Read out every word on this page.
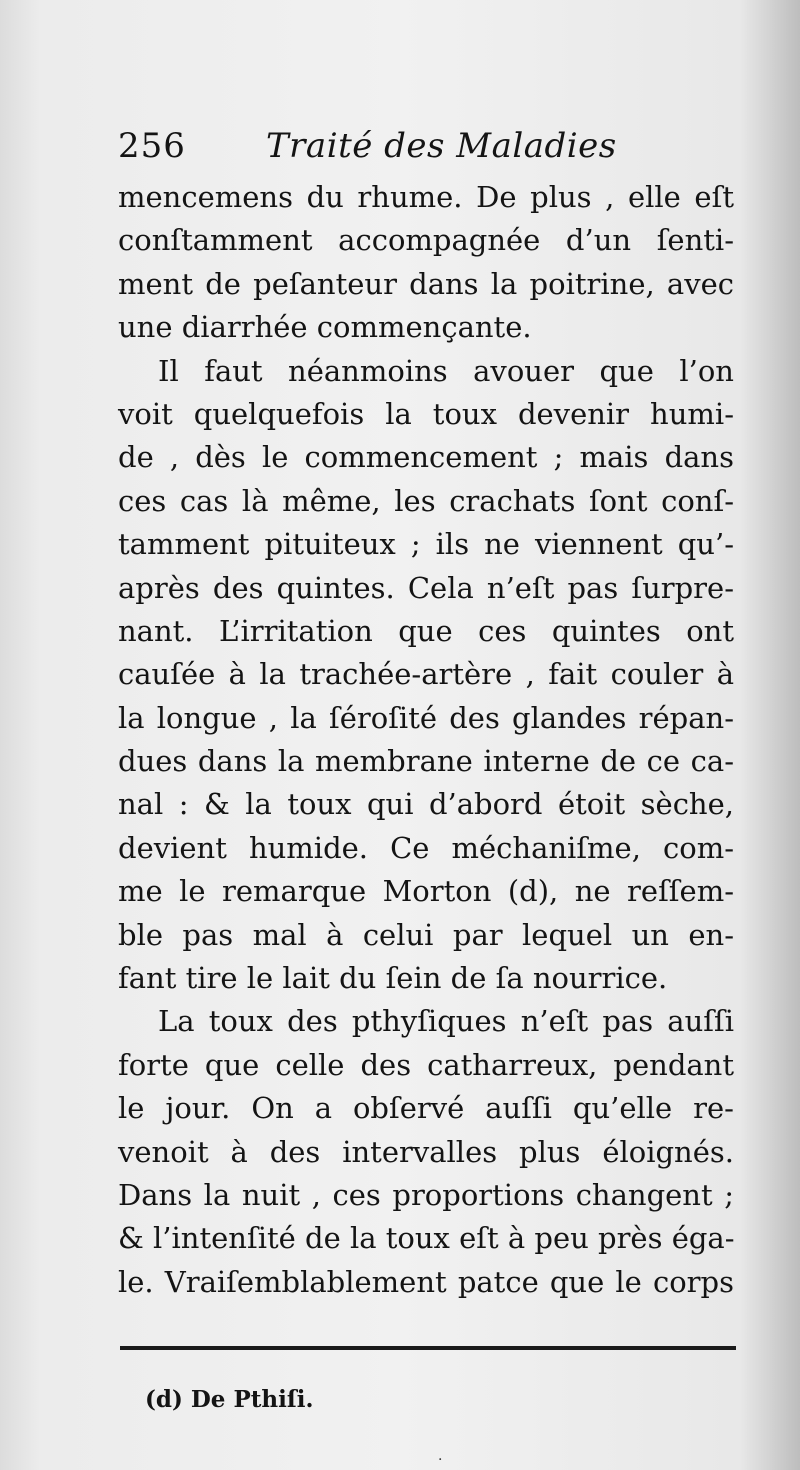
256 Traité des Maladies
mencemens du rhume. De plus , elle eſt
conſtamment accompagnée d’un ſenti-
ment de peſanteur dans la poitrine, avec
une diarrhée commençante.
Il faut néanmoins avouer que l’on
voit quelquefois la toux devenir humi-
de , dès le commencement ; mais dans
ces cas là même, les crachats ſont conſ-
tamment pituiteux ; ils ne viennent qu’-
après des quintes. Cela n’eſt pas ſurpre-
nant. L’irritation que ces quintes ont
cauſée à la trachée-artère , fait couler à
la longue , la ſéroſité des glandes répan-
dues dans la membrane interne de ce ca-
nal : & la toux qui d’abord étoit sèche,
devient humide. Ce méchaniſme, com-
me le remarque Morton (d), ne reſſem-
ble pas mal à celui par lequel un en-
fant tire le lait du ſein de ſa nourrice.
La toux des pthyſiques n’eſt pas auſſi
forte que celle des catharreux, pendant
le jour. On a obſervé auſſi qu’elle re-
venoit à des intervalles plus éloignés.
Dans la nuit , ces proportions changent ;
& l’intenſité de la toux eſt à peu près éga-
le. Vraiſemblablement patce que le corps
(d) De Pthiſi.
·
